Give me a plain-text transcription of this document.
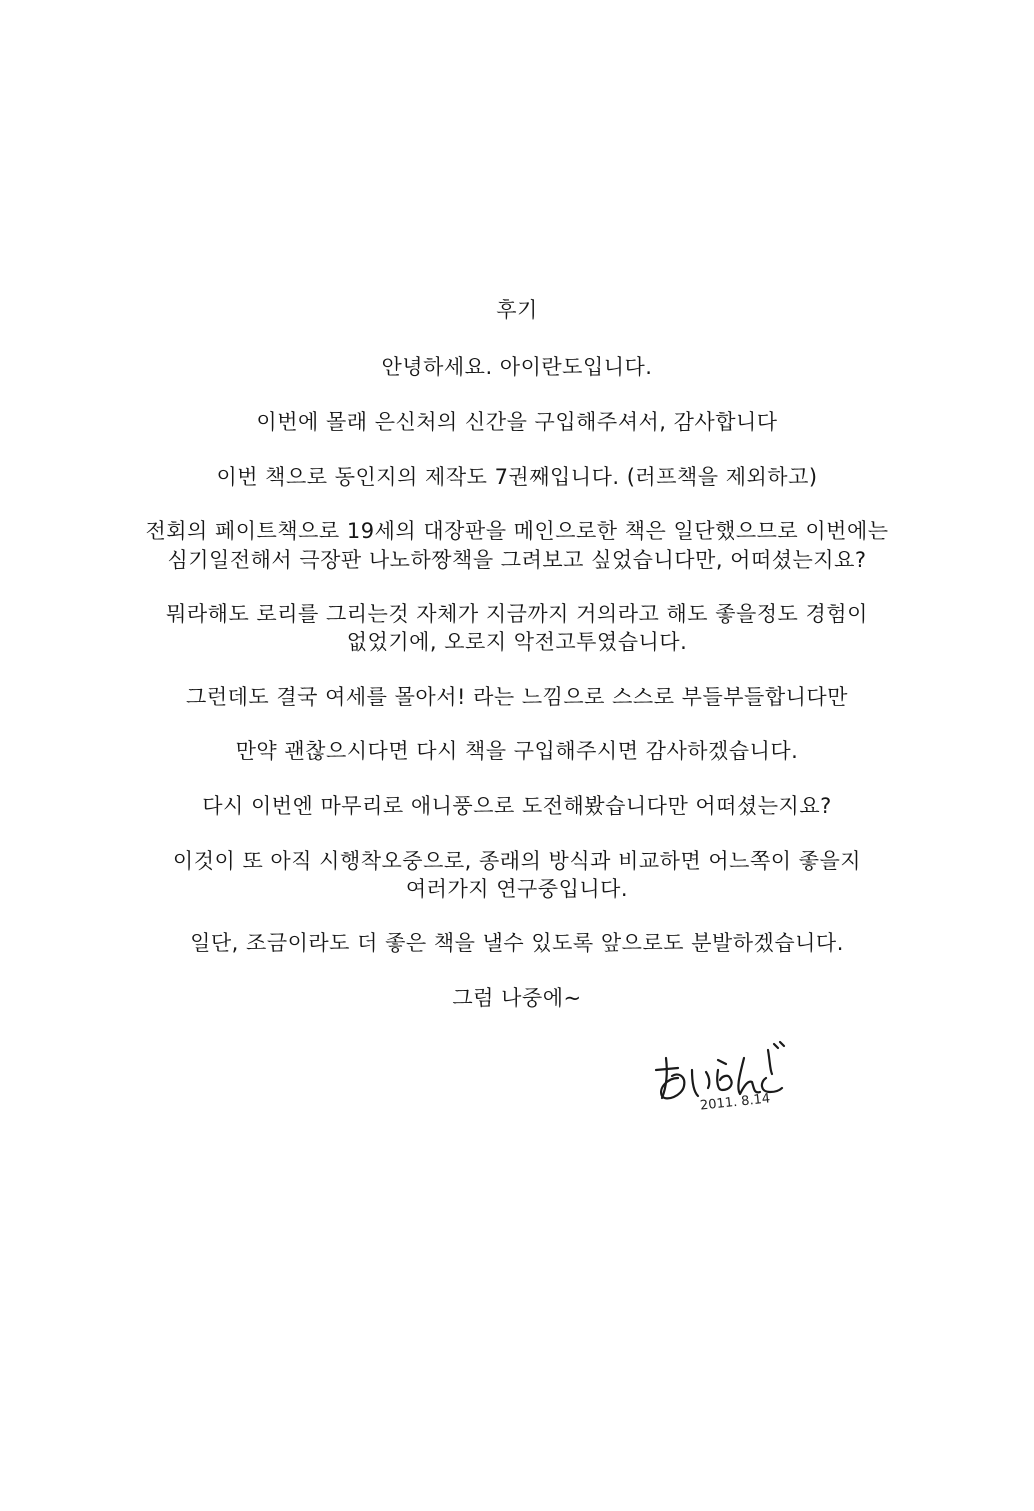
후기
안녕하세요. 아이란도입니다.
이번에 몰래 은신처의 신간을 구입해주셔서, 감사합니다
이번 책으로 동인지의 제작도 7권째입니다. (러프책을 제외하고)
전회의 페이트책으로 19세의 대장판을 메인으로한 책은 일단했으므로 이번에는
심기일전해서 극장판 나노하짱책을 그려보고 싶었습니다만, 어떠셨는지요?
뭐라해도 로리를 그리는것 자체가 지금까지 거의라고 해도 좋을정도 경험이
없었기에, 오로지 악전고투였습니다.
그런데도 결국 여세를 몰아서! 라는 느낌으로 스스로 부들부들합니다만
만약 괜찮으시다면 다시 책을 구입해주시면 감사하겠습니다.
다시 이번엔 마무리로 애니풍으로 도전해봤습니다만 어떠셨는지요?
이것이 또 아직 시행착오중으로, 종래의 방식과 비교하면 어느쪽이 좋을지
여러가지 연구중입니다.
일단, 조금이라도 더 좋은 책을 낼수 있도록 앞으로도 분발하겠습니다.
그럼 나중에~
2011. 8.14
